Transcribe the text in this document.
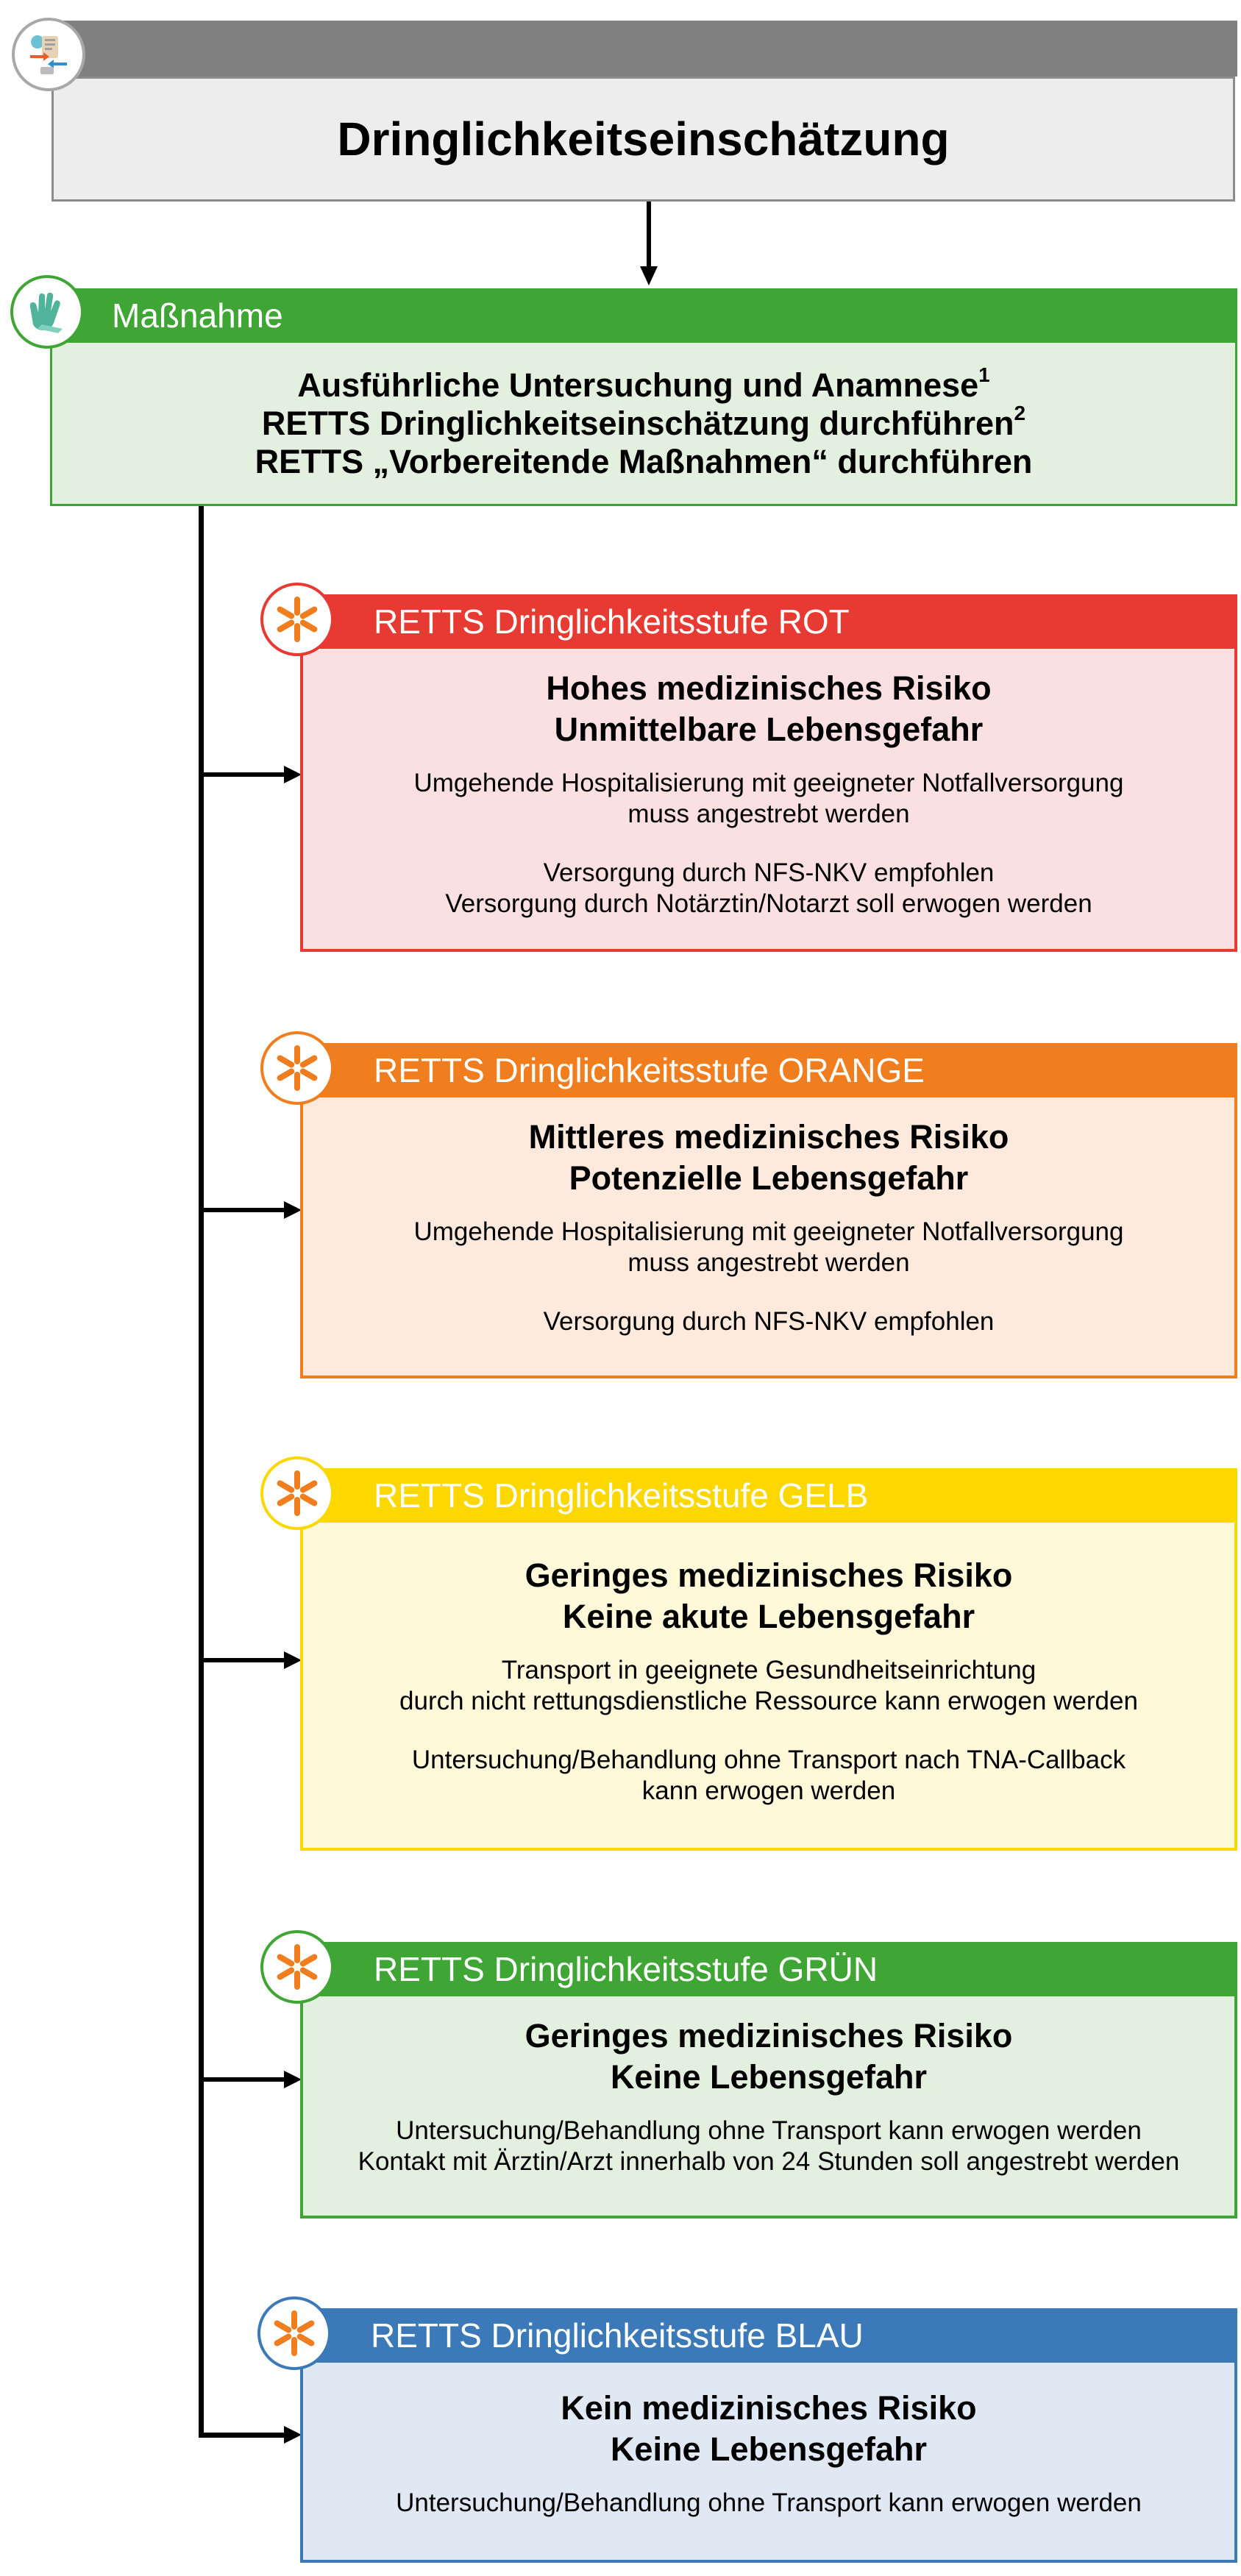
Dringlichkeitseinschätzung
Maßnahme
Ausführliche Untersuchung und Anamnese$^1$
RETTS Dringlichkeitseinschätzung durchführen$^2$
RETTS „Vorbereitende Maßnahmen“ durchführen
RETTS Dringlichkeitsstufe ROT
Hohes medizinisches Risiko
Unmittelbare Lebensgefahr
Umgehende Hospitalisierung mit geeigneter Notfallversorgung
muss angestrebt werden
Versorgung durch NFS-NKV empfohlen
Versorgung durch Notärztin/Notarzt soll erwogen werden
RETTS Dringlichkeitsstufe ORANGE
Mittleres medizinisches Risiko
Potenzielle Lebensgefahr
Umgehende Hospitalisierung mit geeigneter Notfallversorgung
muss angestrebt werden
Versorgung durch NFS-NKV empfohlen
RETTS Dringlichkeitsstufe GELB
Geringes medizinisches Risiko
Keine akute Lebensgefahr
Transport in geeignete Gesundheitseinrichtung
durch nicht rettungsdienstliche Ressource kann erwogen werden
Untersuchung/Behandlung ohne Transport nach TNA-Callback
kann erwogen werden
RETTS Dringlichkeitsstufe GRÜN
Geringes medizinisches Risiko
Keine Lebensgefahr
Untersuchung/Behandlung ohne Transport kann erwogen werden
Kontakt mit Ärztin/Arzt innerhalb von 24 Stunden soll angestrebt werden
RETTS Dringlichkeitsstufe BLAU
Kein medizinisches Risiko
Keine Lebensgefahr
Untersuchung/Behandlung ohne Transport kann erwogen werden
